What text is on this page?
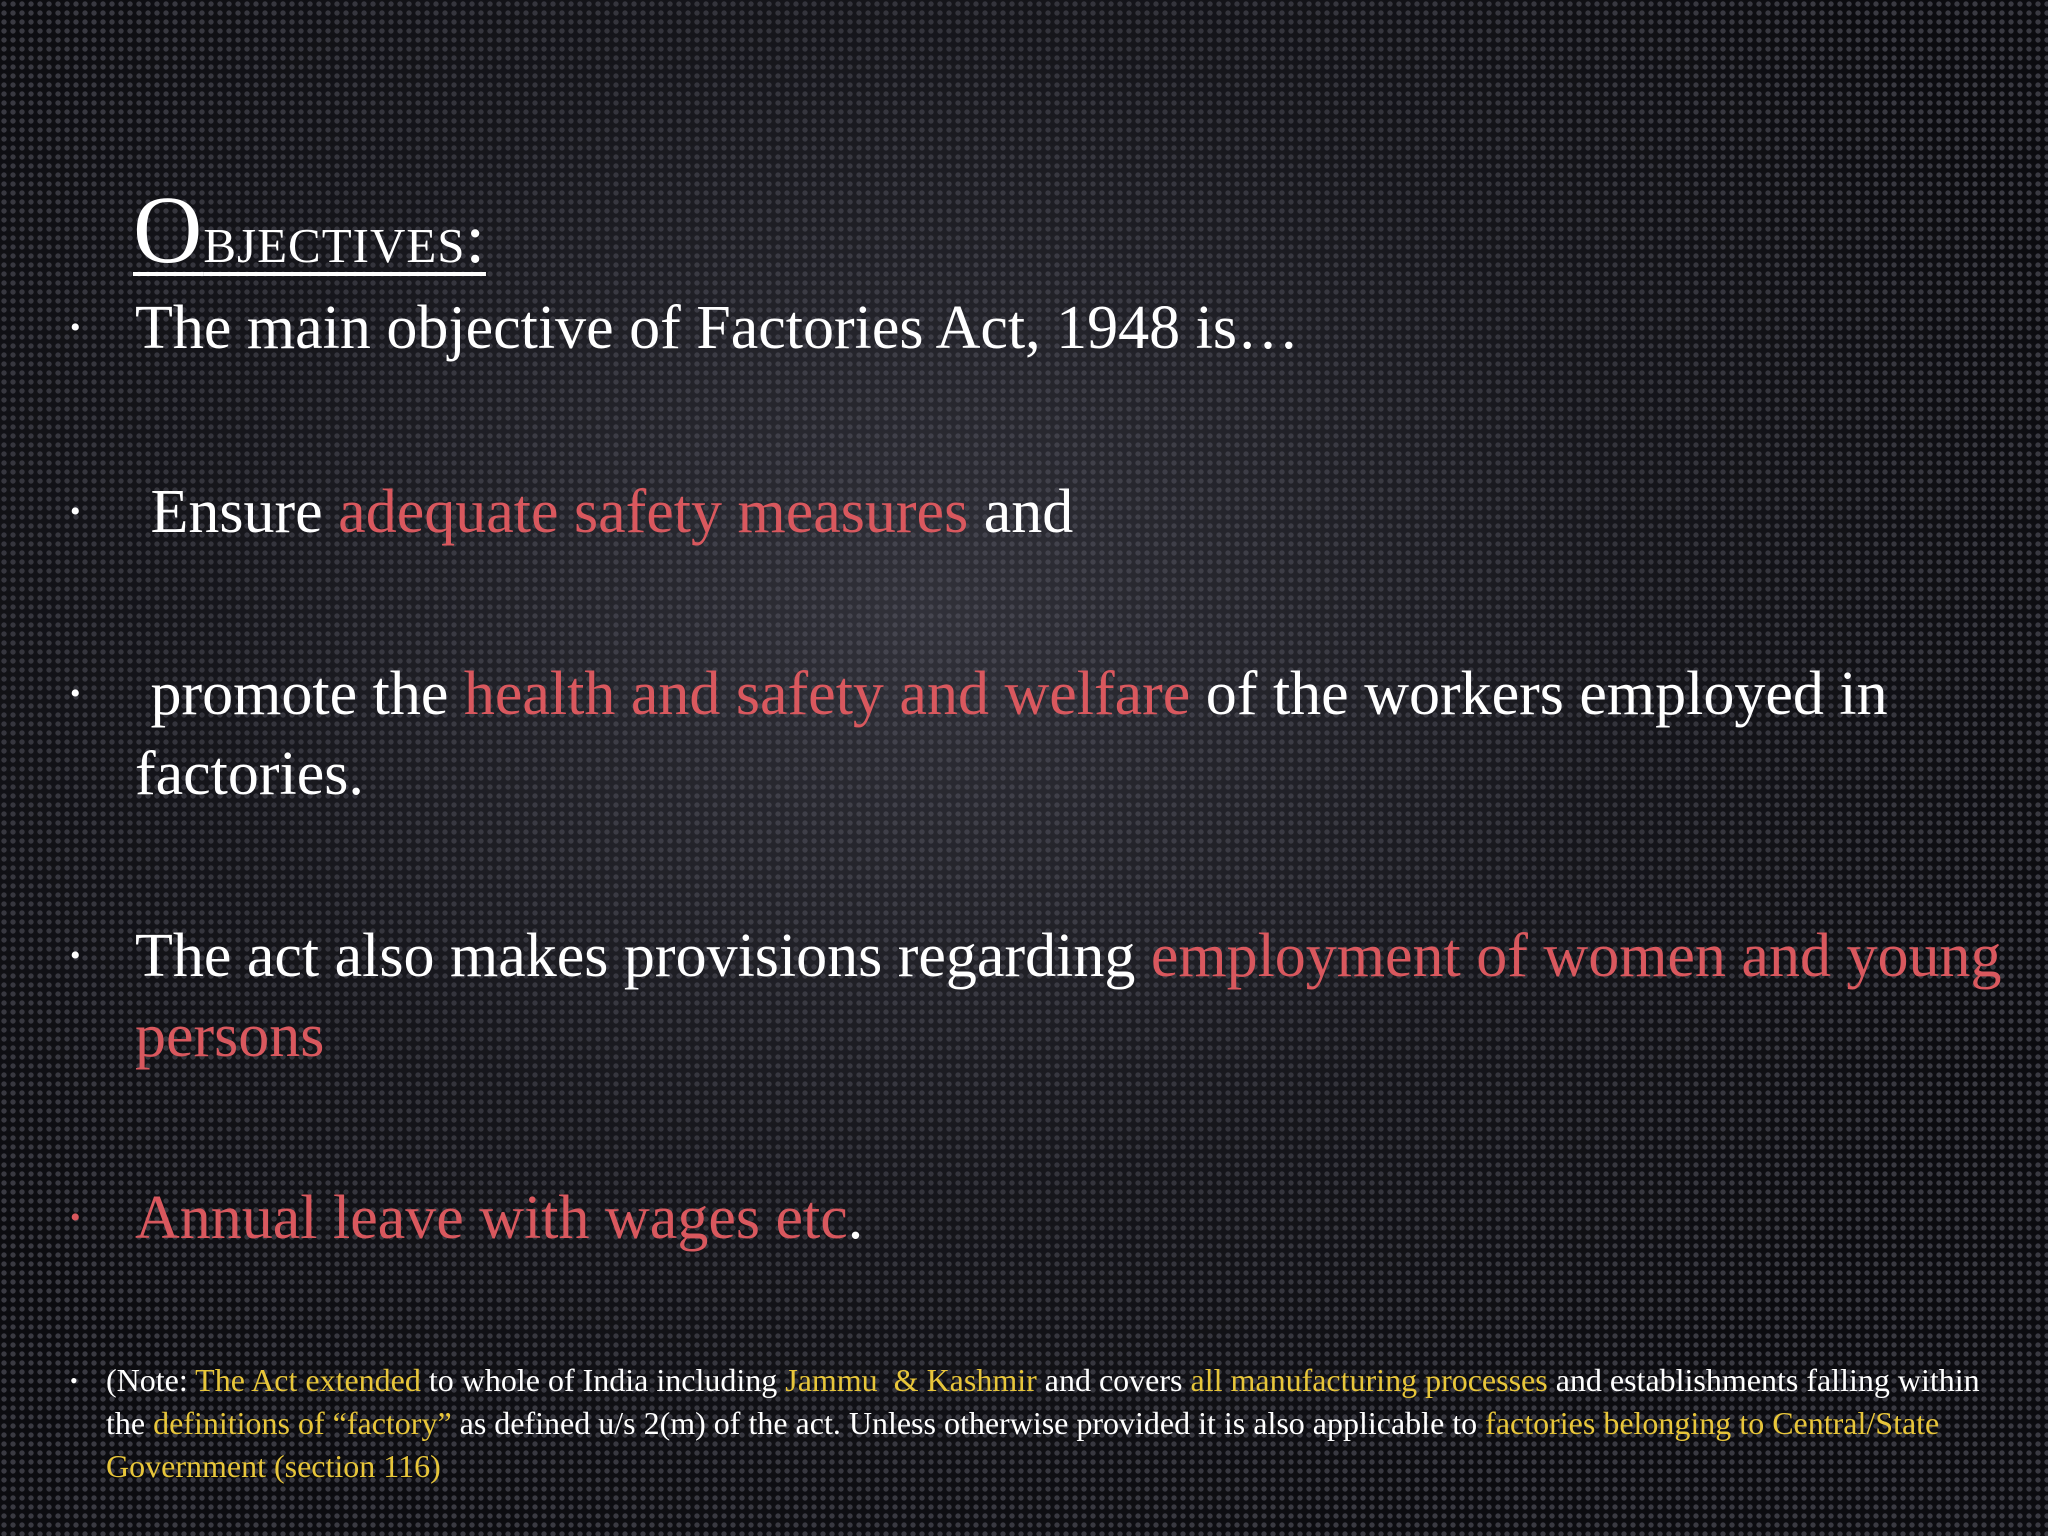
Objectives:
• The main objective of Factories Act, 1948 is…
• Ensure adequate safety measures and
• promote the health and safety and welfare of the workers employed in factories.
• The act also makes provisions regarding employment of women and young persons
• Annual leave with wages etc.
• (Note: The Act extended to whole of India including Jammu  & Kashmir and covers all manufacturing processes and establishments falling within the definitions of “factory” as defined u/s 2(m) of the act. Unless otherwise provided it is also applicable to factories belonging to Central/State Government (section 116)
